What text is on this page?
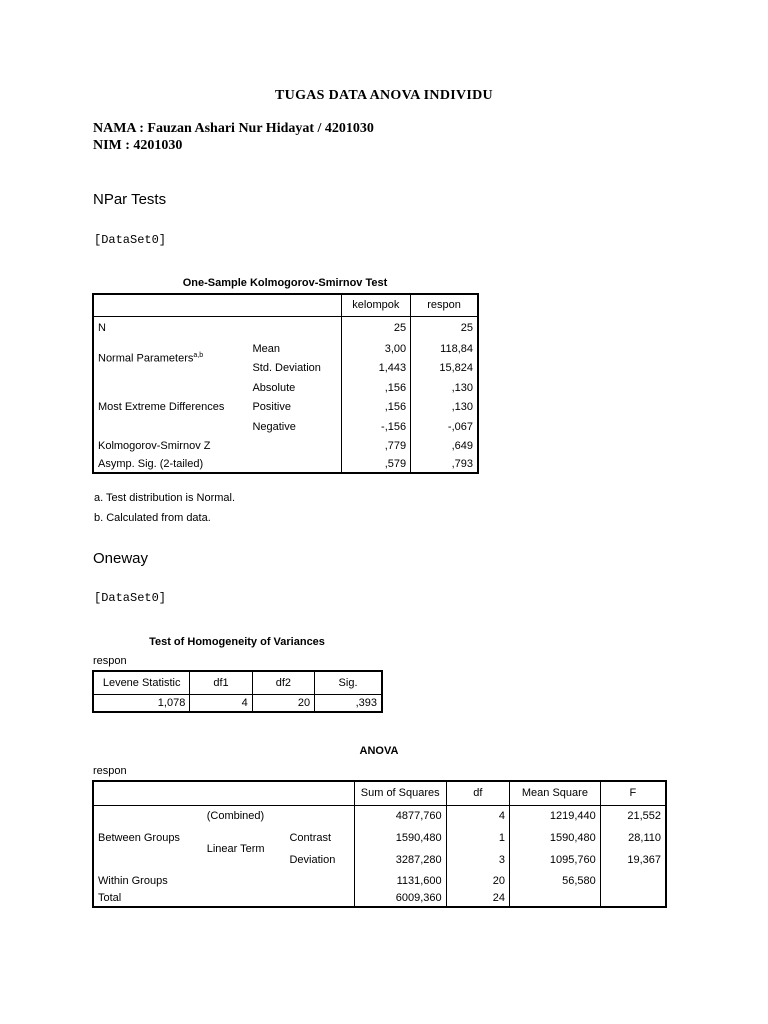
TUGAS DATA ANOVA INDIVIDU
NAMA : Fauzan Ashari Nur Hidayat / 4201030
NIM : 4201030
NPar Tests
[DataSet0]
One-Sample Kolmogorov-Smirnov Test
		kelompok	respon
N		25	25
Normal Parameters$^{a,b}$	Mean	3,00	118,84
	Std. Deviation	1,443	15,824
	Absolute	,156	,130
Most Extreme Differences	Positive	,156	,130
	Negative	-,156	-,067
Kolmogorov-Smirnov Z		,779	,649
Asymp. Sig. (2-tailed)		,579	,793
a. Test distribution is Normal.
b. Calculated from data.
Oneway
[DataSet0]
Test of Homogeneity of Variances
respon
Levene Statistic	df1	df2	Sig.
1,078	4	20	,393
ANOVA
respon
			Sum of Squares	df	Mean Square	F
Between Groups	(Combined)		4877,760	4	1219,440	21,552
	Linear Term	Contrast	1590,480	1	1590,480	28,110
		Deviation	3287,280	3	1095,760	19,367
Within Groups			1131,600	20	56,580	
Total			6009,360	24		
